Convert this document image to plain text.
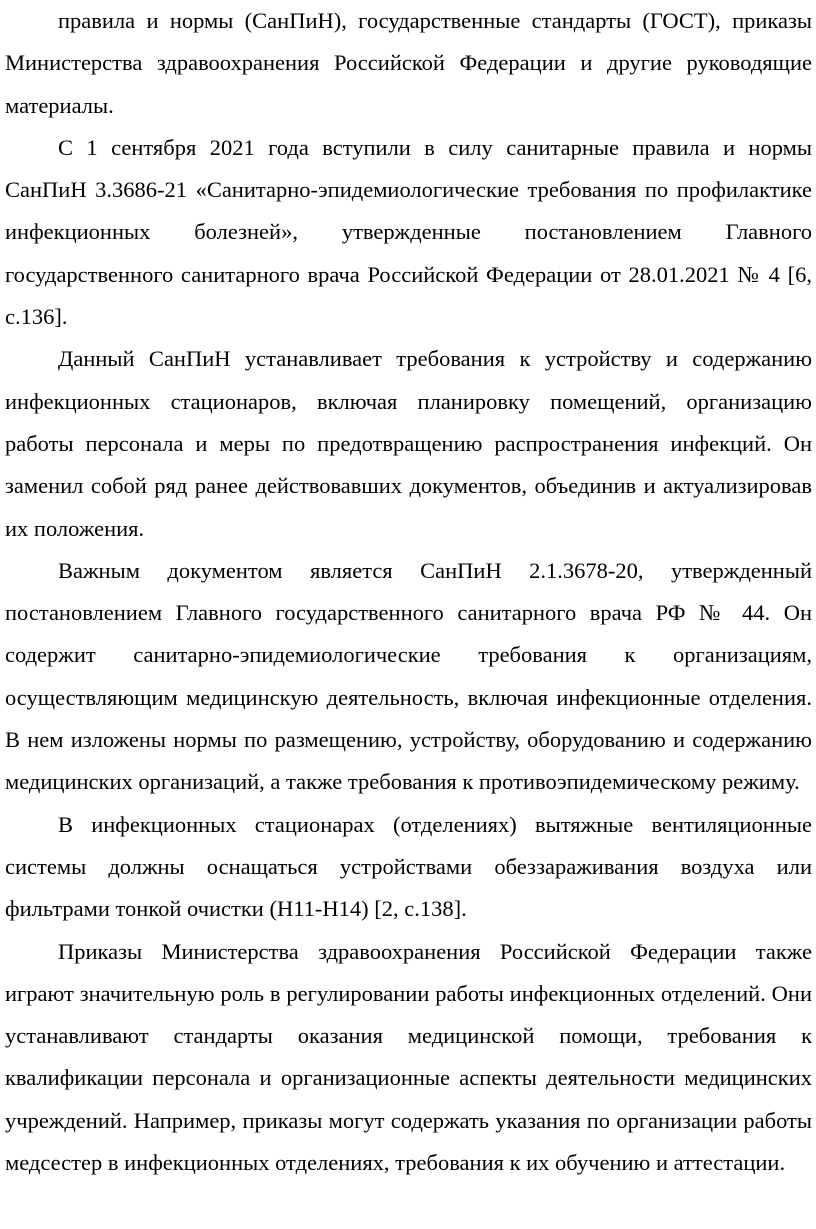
правила и нормы (СанПиН), государственные стандарты (ГОСТ), приказы Министерства здравоохранения Российской Федерации и другие руководящие материалы.

С 1 сентября 2021 года вступили в силу санитарные правила и нормы СанПиН 3.3686-21 «Санитарно-эпидемиологические требования по профилактике инфекционных болезней», утвержденные постановлением Главного государственного санитарного врача Российской Федерации от 28.01.2021 № 4 [6, с.136].

Данный СанПиН устанавливает требования к устройству и содержанию инфекционных стационаров, включая планировку помещений, организацию работы персонала и меры по предотвращению распространения инфекций. Он заменил собой ряд ранее действовавших документов, объединив и актуализировав их положения.

Важным документом является СанПиН 2.1.3678-20, утвержденный постановлением Главного государственного санитарного врача РФ № 44. Он содержит санитарно-эпидемиологические требования к организациям, осуществляющим медицинскую деятельность, включая инфекционные отделения. В нем изложены нормы по размещению, устройству, оборудованию и содержанию медицинских организаций, а также требования к противоэпидемическому режиму.

В инфекционных стационарах (отделениях) вытяжные вентиляционные системы должны оснащаться устройствами обеззараживания воздуха или фильтрами тонкой очистки (H11-H14) [2, с.138].

Приказы Министерства здравоохранения Российской Федерации также играют значительную роль в регулировании работы инфекционных отделений. Они устанавливают стандарты оказания медицинской помощи, требования к квалификации персонала и организационные аспекты деятельности медицинских учреждений. Например, приказы могут содержать указания по организации работы медсестер в инфекционных отделениях, требования к их обучению и аттестации.
